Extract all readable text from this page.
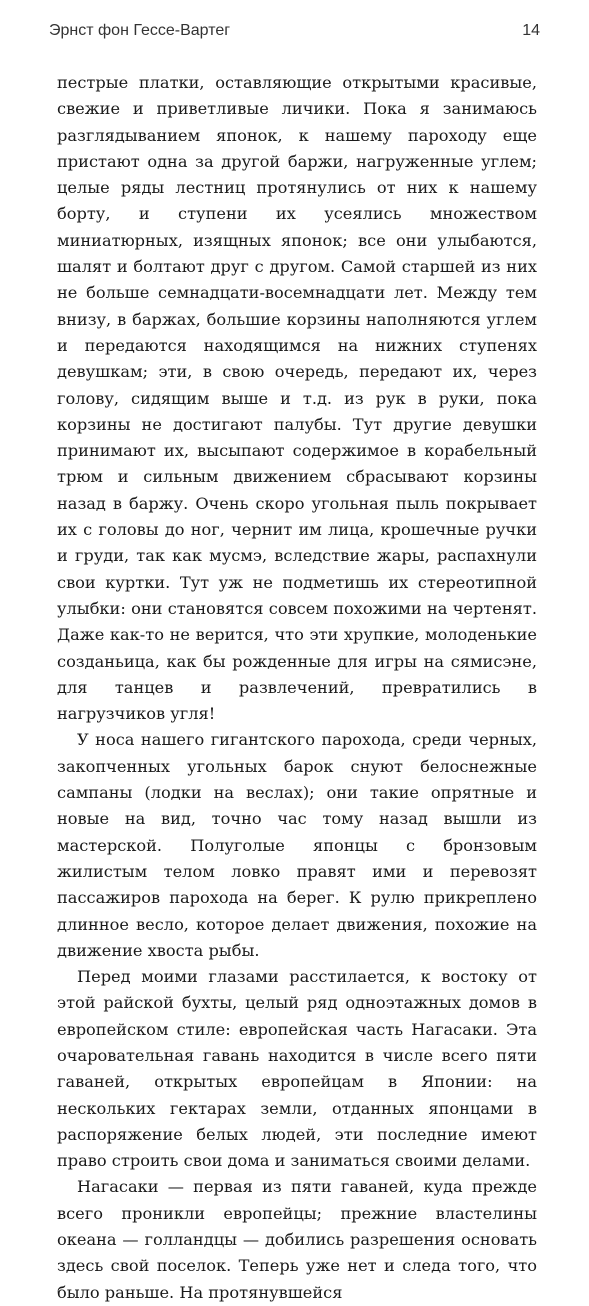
Эрнст фон Гессе-Вартег	14

пестрые платки, оставляющие открытыми красивые, свежие и приветливые личики. Пока я занимаюсь разглядыванием японок, к нашему пароходу еще пристают одна за другой баржи, нагруженные углем; целые ряды лестниц протянулись от них к нашему борту, и ступени их усеялись множеством миниатюрных, изящных японок; все они улыбаются, шалят и болтают друг с другом. Самой старшей из них не больше семнадцати-восемнадцати лет. Между тем внизу, в баржах, большие корзины наполняются углем и передаются находящимся на нижних ступенях девушкам; эти, в свою очередь, передают их, через голову, сидящим выше и т.д. из рук в руки, пока корзины не достигают палубы. Тут другие девушки принимают их, высыпают содержимое в корабельный трюм и сильным движением сбрасывают корзины назад в баржу. Очень скоро угольная пыль покрывает их с головы до ног, чернит им лица, крошечные ручки и груди, так как мусмэ, вследствие жары, распахнули свои куртки. Тут уж не подметишь их стереотипной улыбки: они становятся совсем похожими на чертенят. Даже как-то не верится, что эти хрупкие, молоденькие созданьица, как бы рожденные для игры на сямисэне, для танцев и развлечений, превратились в нагрузчиков угля!

У носа нашего гигантского парохода, среди черных, закопченных угольных барок снуют белоснежные сампаны (лодки на веслах); они такие опрятные и новые на вид, точно час тому назад вышли из мастерской. Полуголые японцы с бронзовым жилистым телом ловко правят ими и перевозят пассажиров парохода на берег. К рулю прикреплено длинное весло, которое делает движения, похожие на движение хвоста рыбы.

Перед моими глазами расстилается, к востоку от этой райской бухты, целый ряд одноэтажных домов в европейском стиле: европейская часть Нагасаки. Эта очаровательная гавань находится в числе всего пяти гаваней, открытых европейцам в Японии: на нескольких гектарах земли, отданных японцами в распоряжение белых людей, эти последние имеют право строить свои дома и заниматься своими делами.

Нагасаки — первая из пяти гаваней, куда прежде всего проникли европейцы; прежние властелины океана — голландцы — добились разрешения основать здесь свой поселок. Теперь уже нет и следа того, что было раньше. На протянувшейся
